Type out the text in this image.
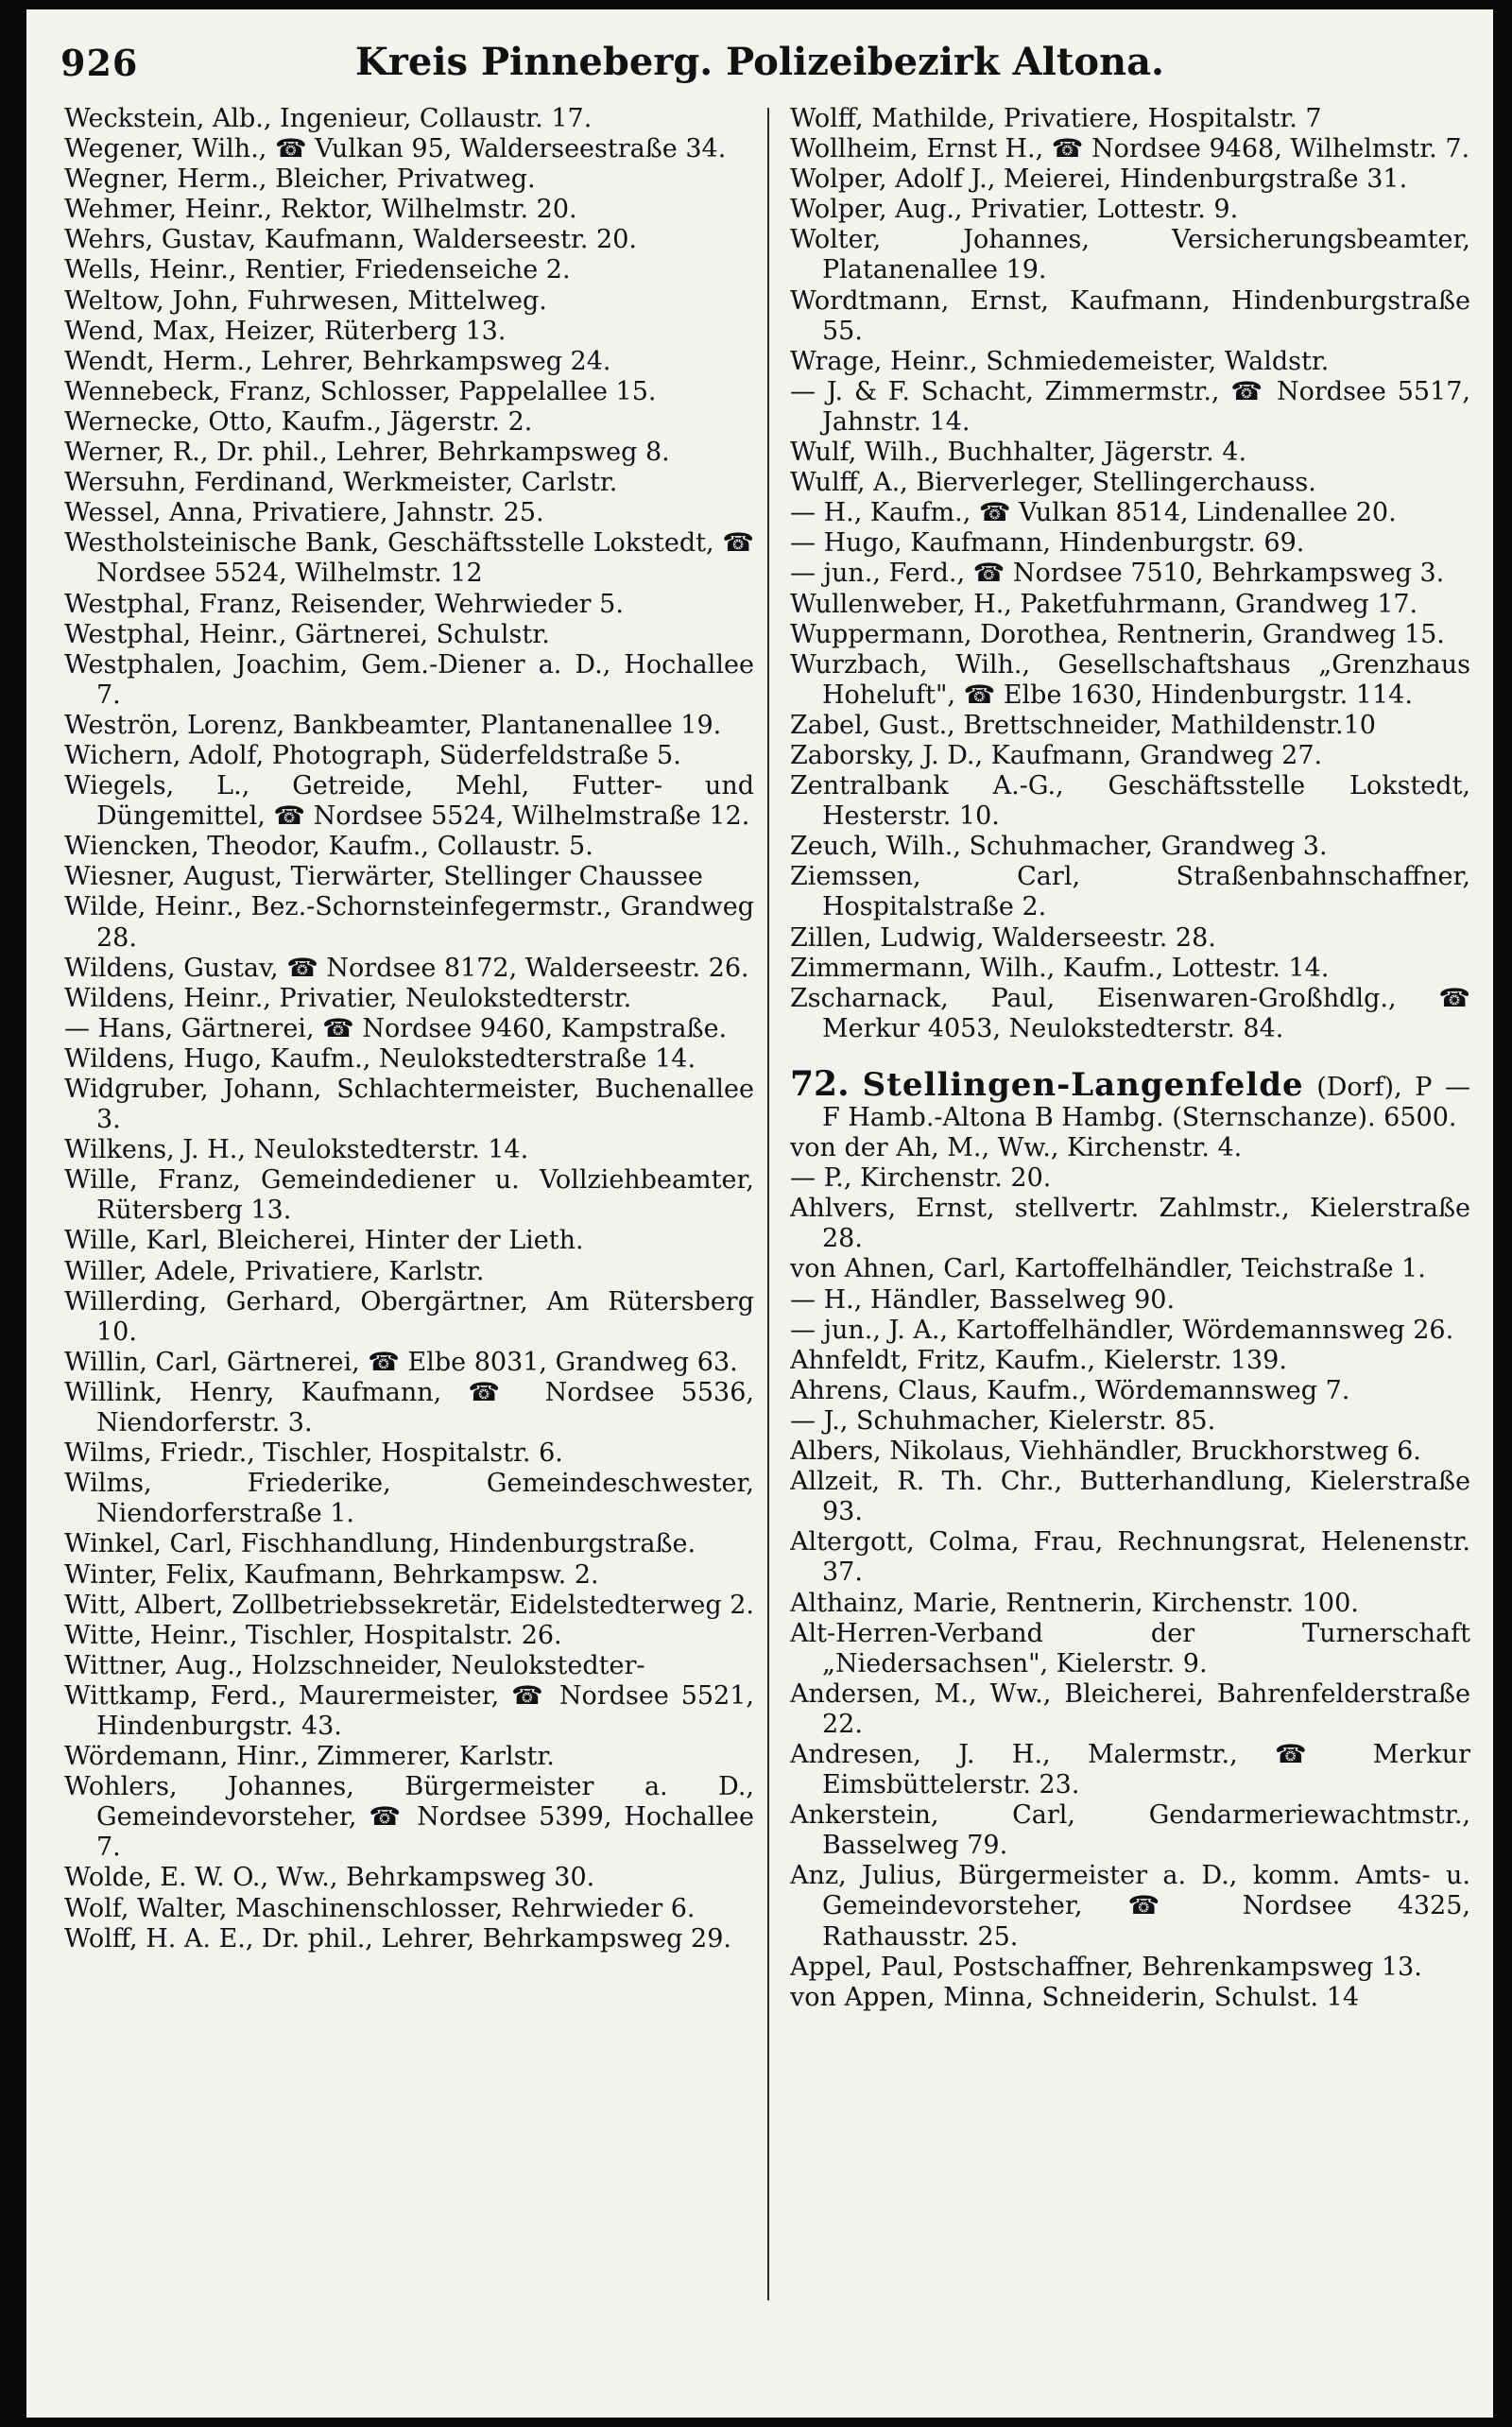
926	Kreis Pinneberg. Polizeibezirk Altona.
Weckstein, Alb., Ingenieur, Collaustr. 17.
Wegener, Wilh., ☎ Vulkan 95, Walderseestraße 34.
Wegner, Herm., Bleicher, Privatweg.
Wehmer, Heinr., Rektor, Wilhelmstr. 20.
Wehrs, Gustav, Kaufmann, Walderseestr. 20.
Wells, Heinr., Rentier, Friedenseiche 2.
Weltow, John, Fuhrwesen, Mittelweg.
Wend, Max, Heizer, Rüterberg 13.
Wendt, Herm., Lehrer, Behrkampsweg 24.
Wennebeck, Franz, Schlosser, Pappelallee 15.
Wernecke, Otto, Kaufm., Jägerstr. 2.
Werner, R., Dr. phil., Lehrer, Behrkampsweg 8.
Wersuhn, Ferdinand, Werkmeister, Carlstr.
Wessel, Anna, Privatiere, Jahnstr. 25.
Westholsteinische Bank, Geschäftsstelle Lokstedt, ☎ Nordsee 5524, Wilhelmstr. 12
Westphal, Franz, Reisender, Wehrwieder 5.
Westphal, Heinr., Gärtnerei, Schulstr.
Westphalen, Joachim, Gem.-Diener a. D., Hochallee 7.
Weströn, Lorenz, Bankbeamter, Plantanenallee 19.
Wichern, Adolf, Photograph, Süderfeldstraße 5.
Wiegels, L., Getreide, Mehl, Futter- und Düngemittel, ☎ Nordsee 5524, Wilhelmstraße 12.
Wiencken, Theodor, Kaufm., Collaustr. 5.
Wiesner, August, Tierwärter, Stellinger Chaussee
Wilde, Heinr., Bez.-Schornsteinfegermstr., Grandweg 28.
Wildens, Gustav, ☎ Nordsee 8172, Walderseestr. 26.
Wildens, Heinr., Privatier, Neulokstedterstr.
— Hans, Gärtnerei, ☎ Nordsee 9460, Kampstraße.
Wildens, Hugo, Kaufm., Neulokstedterstraße 14.
Widgruber, Johann, Schlachtermeister, Buchenallee 3.
Wilkens, J. H., Neulokstedterstr. 14.
Wille, Franz, Gemeindediener u. Vollziehbeamter, Rütersberg 13.
Wille, Karl, Bleicherei, Hinter der Lieth.
Willer, Adele, Privatiere, Karlstr.
Willerding, Gerhard, Obergärtner, Am Rütersberg 10.
Willin, Carl, Gärtnerei, ☎ Elbe 8031, Grandweg 63.
Willink, Henry, Kaufmann, ☎ Nordsee 5536, Niendorferstr. 3.
Wilms, Friedr., Tischler, Hospitalstr. 6.
Wilms, Friederike, Gemeindeschwester, Niendorferstraße 1.
Winkel, Carl, Fischhandlung, Hindenburgstraße.
Winter, Felix, Kaufmann, Behrkampsw. 2.
Witt, Albert, Zollbetriebssekretär, Eidelstedterweg 2.
Witte, Heinr., Tischler, Hospitalstr. 26.
Wittner, Aug., Holzschneider, Neulokstedter-
Wittkamp, Ferd., Maurermeister, ☎ Nordsee 5521, Hindenburgstr. 43.
Wördemann, Hinr., Zimmerer, Karlstr.
Wohlers, Johannes, Bürgermeister a. D., Gemeindevorsteher, ☎ Nordsee 5399, Hochallee 7.
Wolde, E. W. O., Ww., Behrkampsweg 30.
Wolf, Walter, Maschinenschlosser, Rehrwieder 6.
Wolff, H. A. E., Dr. phil., Lehrer, Behrkampsweg 29.
Wolff, Mathilde, Privatiere, Hospitalstr. 7
Wollheim, Ernst H., ☎ Nordsee 9468, Wilhelmstr. 7.
Wolper, Adolf J., Meierei, Hindenburgstraße 31.
Wolper, Aug., Privatier, Lottestr. 9.
Wolter, Johannes, Versicherungsbeamter, Platanenallee 19.
Wordtmann, Ernst, Kaufmann, Hindenburgstraße 55.
Wrage, Heinr., Schmiedemeister, Waldstr.
— J. & F. Schacht, Zimmermstr., ☎ Nordsee 5517, Jahnstr. 14.
Wulf, Wilh., Buchhalter, Jägerstr. 4.
Wulff, A., Bierverleger, Stellingerchauss.
— H., Kaufm., ☎ Vulkan 8514, Lindenallee 20.
— Hugo, Kaufmann, Hindenburgstr. 69.
— jun., Ferd., ☎ Nordsee 7510, Behrkampsweg 3.
Wullenweber, H., Paketfuhrmann, Grandweg 17.
Wuppermann, Dorothea, Rentnerin, Grandweg 15.
Wurzbach, Wilh., Gesellschaftshaus „Grenzhaus Hoheluft", ☎ Elbe 1630, Hindenburgstr. 114.
Zabel, Gust., Brettschneider, Mathildenstr.10
Zaborsky, J. D., Kaufmann, Grandweg 27.
Zentralbank A.-G., Geschäftsstelle Lokstedt, Hesterstr. 10.
Zeuch, Wilh., Schuhmacher, Grandweg 3.
Ziemssen, Carl, Straßenbahnschaffner, Hospitalstraße 2.
Zillen, Ludwig, Walderseestr. 28.
Zimmermann, Wilh., Kaufm., Lottestr. 14.
Zscharnack, Paul, Eisenwaren-Großhdlg., ☎ Merkur 4053, Neulokstedterstr. 84.
72. Stellingen-Langenfelde (Dorf), P — F Hamb.-Altona B Hambg. (Sternschanze). 6500.
von der Ah, M., Ww., Kirchenstr. 4.
— P., Kirchenstr. 20.
Ahlvers, Ernst, stellvertr. Zahlmstr., Kielerstraße 28.
von Ahnen, Carl, Kartoffelhändler, Teichstraße 1.
— H., Händler, Basselweg 90.
— jun., J. A., Kartoffelhändler, Wördemannsweg 26.
Ahnfeldt, Fritz, Kaufm., Kielerstr. 139.
Ahrens, Claus, Kaufm., Wördemannsweg 7.
— J., Schuhmacher, Kielerstr. 85.
Albers, Nikolaus, Viehhändler, Bruckhorstweg 6.
Allzeit, R. Th. Chr., Butterhandlung, Kielerstraße 93.
Altergott, Colma, Frau, Rechnungsrat, Helenenstr. 37.
Althainz, Marie, Rentnerin, Kirchenstr. 100.
Alt-Herren-Verband der Turnerschaft „Niedersachsen", Kielerstr. 9.
Andersen, M., Ww., Bleicherei, Bahrenfelderstraße 22.
Andresen, J. H., Malermstr., ☎ Merkur Eimsbüttelerstr. 23.
Ankerstein, Carl, Gendarmeriewachtmstr., Basselweg 79.
Anz, Julius, Bürgermeister a. D., komm. Amts- u. Gemeindevorsteher, ☎ Nordsee 4325, Rathausstr. 25.
Appel, Paul, Postschaffner, Behrenkampsweg 13.
von Appen, Minna, Schneiderin, Schulst. 14
